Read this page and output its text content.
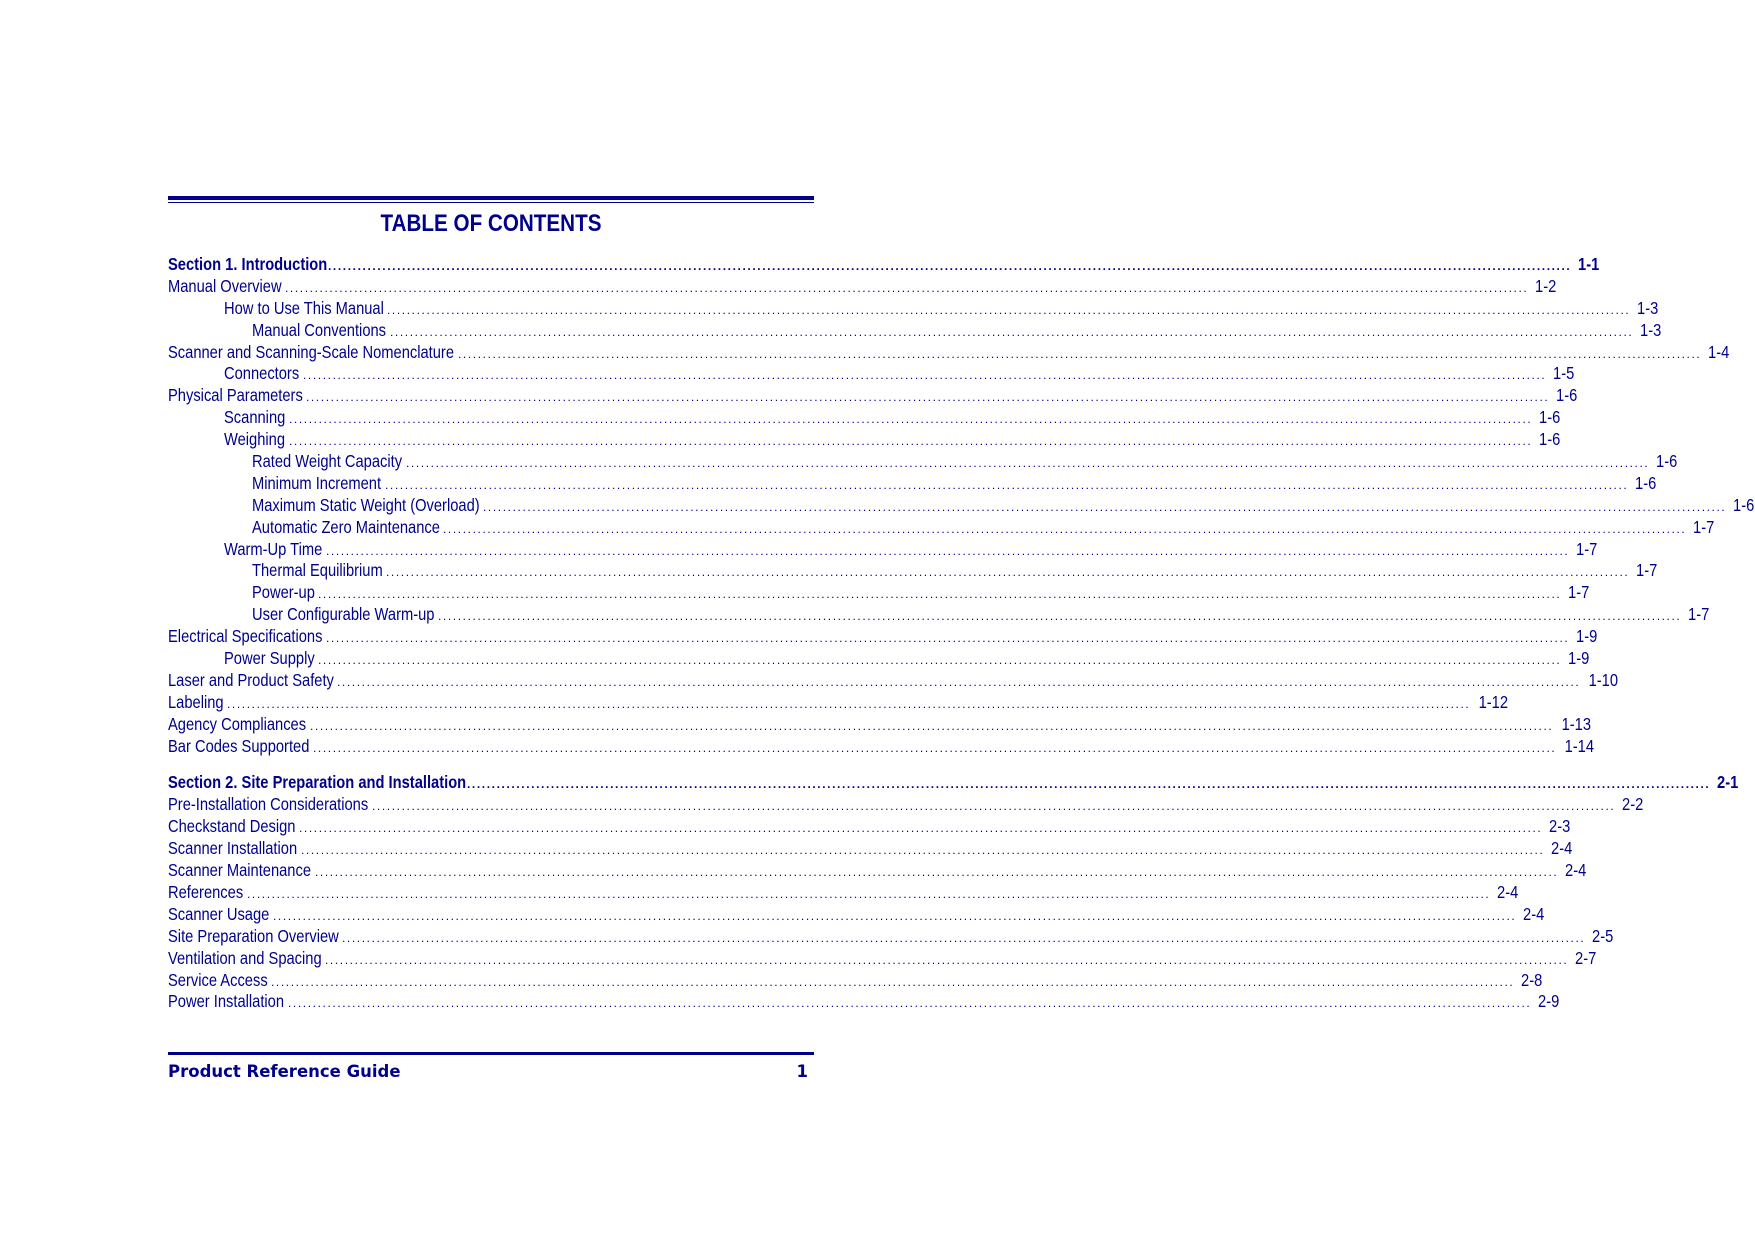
TABLE OF CONTENTS
Section 1. Introduction .....	1-1
Manual Overview .....	1-2
How to Use This Manual .....	1-3
Manual Conventions .....	1-3
Scanner and Scanning-Scale Nomenclature .....	1-4
Connectors .....	1-5
Physical Parameters .....	1-6
Scanning .....	1-6
Weighing .....	1-6
Rated Weight Capacity .....	1-6
Minimum Increment .....	1-6
Maximum Static Weight (Overload) .....	1-6
Automatic Zero Maintenance .....	1-7
Warm-Up Time .....	1-7
Thermal Equilibrium .....	1-7
Power-up .....	1-7
User Configurable Warm-up .....	1-7
Electrical Specifications .....	1-9
Power Supply .....	1-9
Laser and Product Safety .....	1-10
Labeling .....	1-12
Agency Compliances .....	1-13
Bar Codes Supported .....	1-14
Section 2. Site Preparation and Installation .....	2-1
Pre-Installation Considerations .....	2-2
Checkstand Design .....	2-3
Scanner Installation .....	2-4
Scanner Maintenance .....	2-4
References .....	2-4
Scanner Usage .....	2-4
Site Preparation Overview .....	2-5
Ventilation and Spacing .....	2-7
Service Access .....	2-8
Power Installation .....	2-9
Product Reference Guide	1
